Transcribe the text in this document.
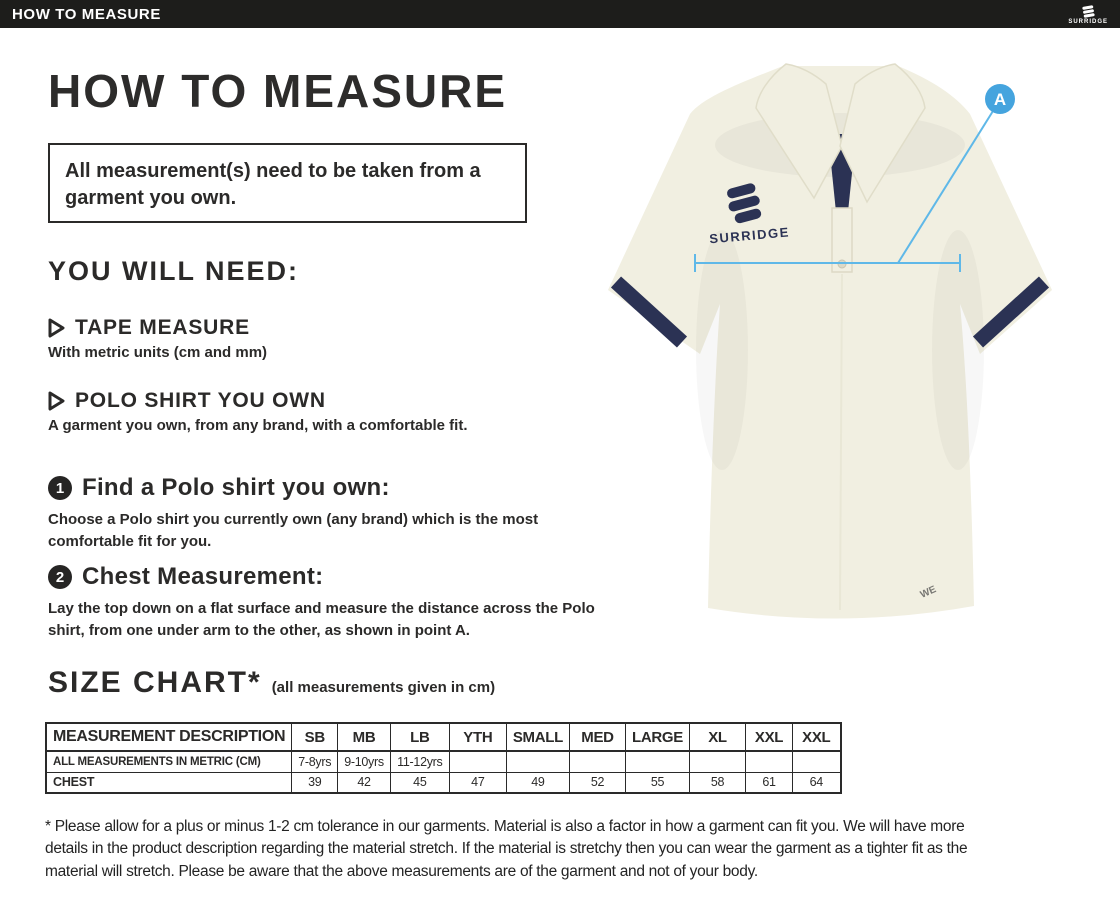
HOW TO MEASURE	SURRIDGE
HOW TO MEASURE
All measurement(s) need to be taken from a garment you own.
YOU WILL NEED:
TAPE MEASURE
With metric units (cm and mm)
POLO SHIRT YOU OWN
A garment you own, from any brand, with a comfortable fit.
1 Find a Polo shirt you own:
Choose a Polo shirt you currently own (any brand) which is the most comfortable fit for you.
2 Chest Measurement:
Lay the top down on a flat surface and measure the distance across the Polo shirt, from one under arm to the other, as shown in point A.
SIZE CHART* (all measurements given in cm)
MEASUREMENT DESCRIPTION	SB	MB	LB	YTH	SMALL	MED	LARGE	XL	XXL	XXL
ALL MEASUREMENTS IN METRIC (CM)	7-8yrs	9-10yrs	11-12yrs							
CHEST	39	42	45	47	49	52	55	58	61	64
* Please allow for a plus or minus 1-2 cm tolerance in our garments. Material is also a factor in how a garment can fit you. We will have more details in the product description regarding the material stretch. If the material is stretchy then you can wear the garment as a tighter fit as the material will stretch. Please be aware that the above measurements are of the garment and not of your body.
SURRIDGE
WE
A
